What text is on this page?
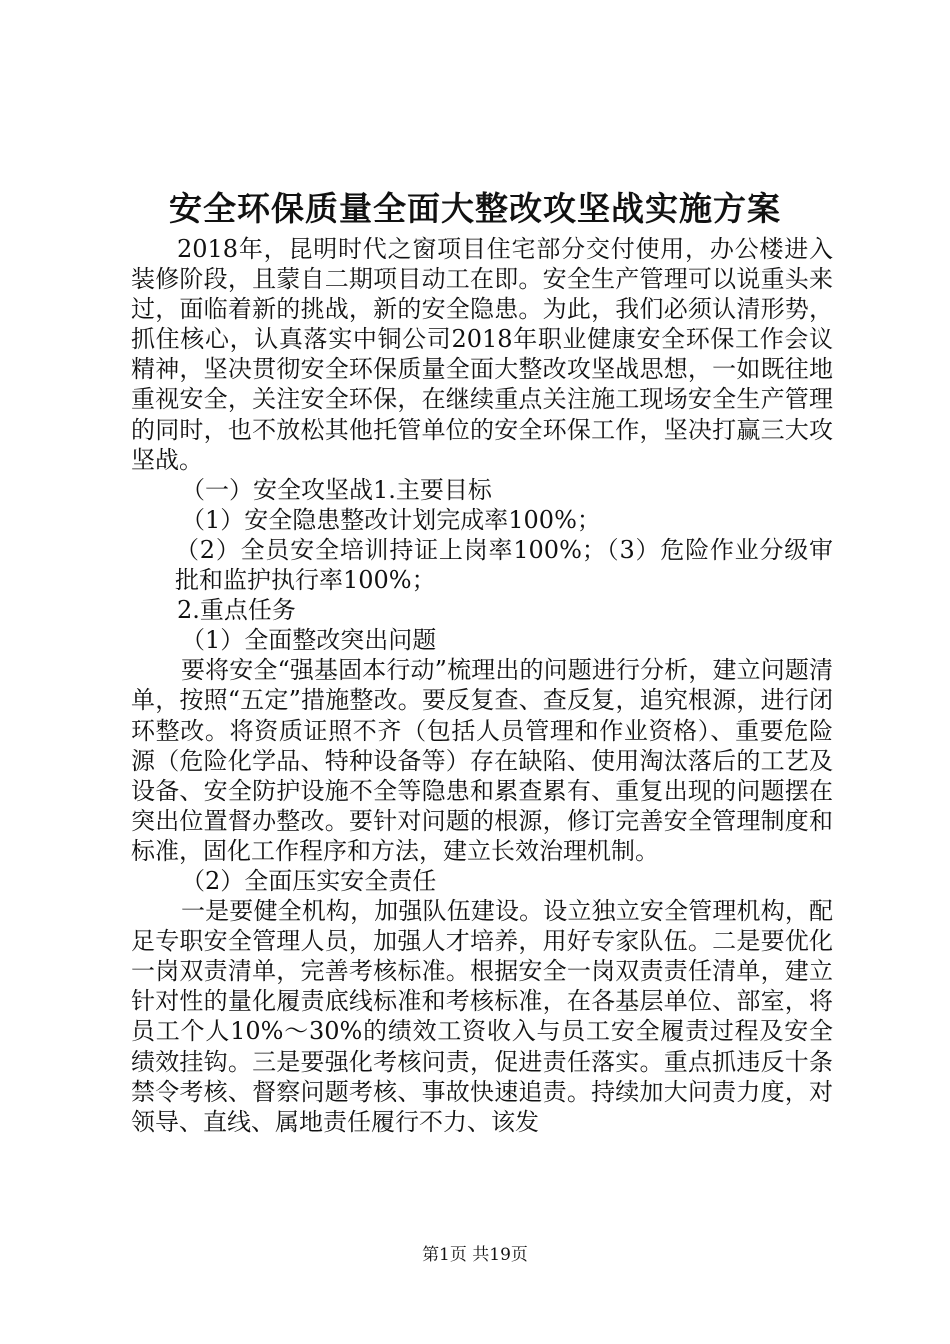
安全环保质量全面大整改攻坚战实施方案

2018年，昆明时代之窗项目住宅部分交付使用，办公楼进入装修阶段，且蒙自二期项目动工在即。安全生产管理可以说重头来过，面临着新的挑战，新的安全隐患。为此，我们必须认清形势，抓住核心，认真落实中铜公司2018年职业健康安全环保工作会议精神，坚决贯彻安全环保质量全面大整改攻坚战思想，一如既往地重视安全，关注安全环保，在继续重点关注施工现场安全生产管理的同时，也不放松其他托管单位的安全环保工作，坚决打赢三大攻坚战。

（一）安全攻坚战1.主要目标

（1）安全隐患整改计划完成率100%；

（2）全员安全培训持证上岗率100%；（3）危险作业分级审批和监护执行率100%；

2.重点任务

（1）全面整改突出问题

要将安全“强基固本行动”梳理出的问题进行分析，建立问题清单，按照“五定”措施整改。要反复查、查反复，追究根源，进行闭环整改。将资质证照不齐（包括人员管理和作业资格）、重要危险源（危险化学品、特种设备等）存在缺陷、使用淘汰落后的工艺及设备、安全防护设施不全等隐患和累查累有、重复出现的问题摆在突出位置督办整改。要针对问题的根源，修订完善安全管理制度和标准，固化工作程序和方法，建立长效治理机制。

（2）全面压实安全责任

一是要健全机构，加强队伍建设。设立独立安全管理机构，配足专职安全管理人员，加强人才培养，用好专家队伍。二是要优化一岗双责清单，完善考核标准。根据安全一岗双责责任清单，建立针对性的量化履责底线标准和考核标准，在各基层单位、部室，将员工个人10%～30%的绩效工资收入与员工安全履责过程及安全绩效挂钩。三是要强化考核问责，促进责任落实。重点抓违反十条禁令考核、督察问题考核、事故快速追责。持续加大问责力度，对领导、直线、属地责任履行不力、该发

第1页 共19页
